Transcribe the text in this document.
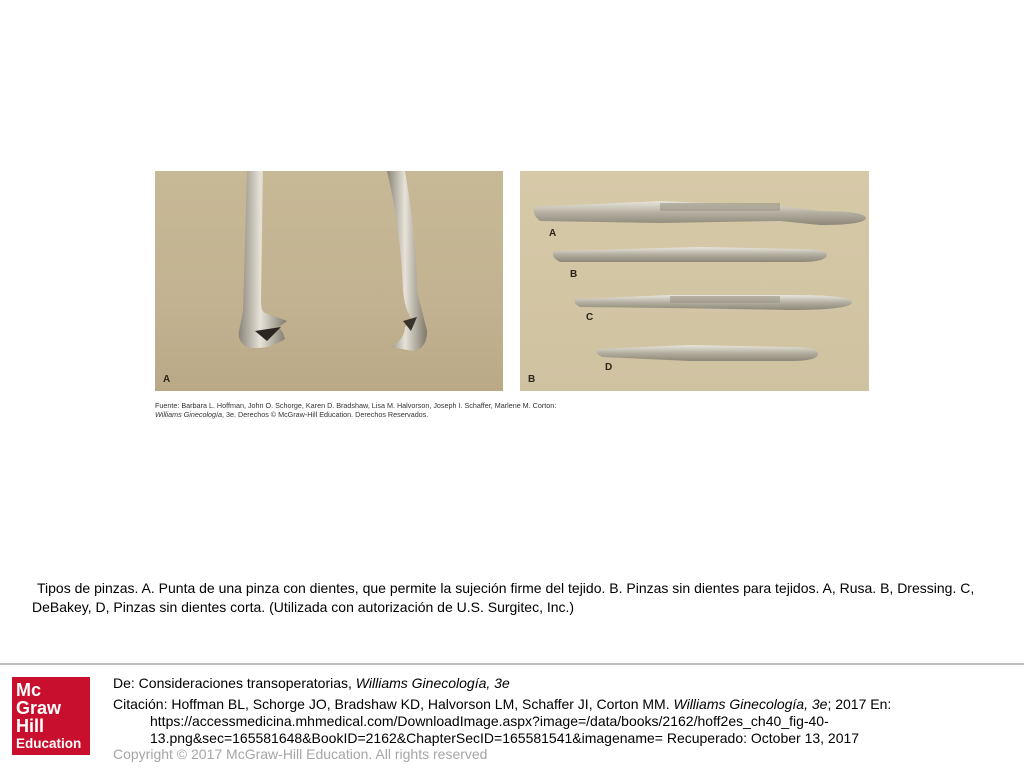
A
A
B
C
D
B
Fuente: Barbara L. Hoffman, John O. Schorge, Karen D. Bradshaw, Lisa M. Halvorson, Joseph I. Schaffer, Marlene M. Corton:
Williams Ginecología, 3e. Derechos © McGraw-Hill Education. Derechos Reservados.
Tipos de pinzas. A. Punta de una pinza con dientes, que permite la sujeción firme del tejido. B. Pinzas sin dientes para tejidos. A, Rusa. B, Dressing. C, DeBakey, D, Pinzas sin dientes corta. (Utilizada con autorización de U.S. Surgitec, Inc.)
Mc
Graw
Hill
Education
De: Consideraciones transoperatorias, Williams Ginecología, 3e
Citación: Hoffman BL, Schorge JO, Bradshaw KD, Halvorson LM, Schaffer JI, Corton MM. Williams Ginecología, 3e; 2017 En:
https://accessmedicina.mhmedical.com/DownloadImage.aspx?image=/data/books/2162/hoff2es_ch40_fig-40-13.png&sec=165581648&BookID=2162&ChapterSecID=165581541&imagename= Recuperado: October 13, 2017
Copyright © 2017 McGraw-Hill Education. All rights reserved
